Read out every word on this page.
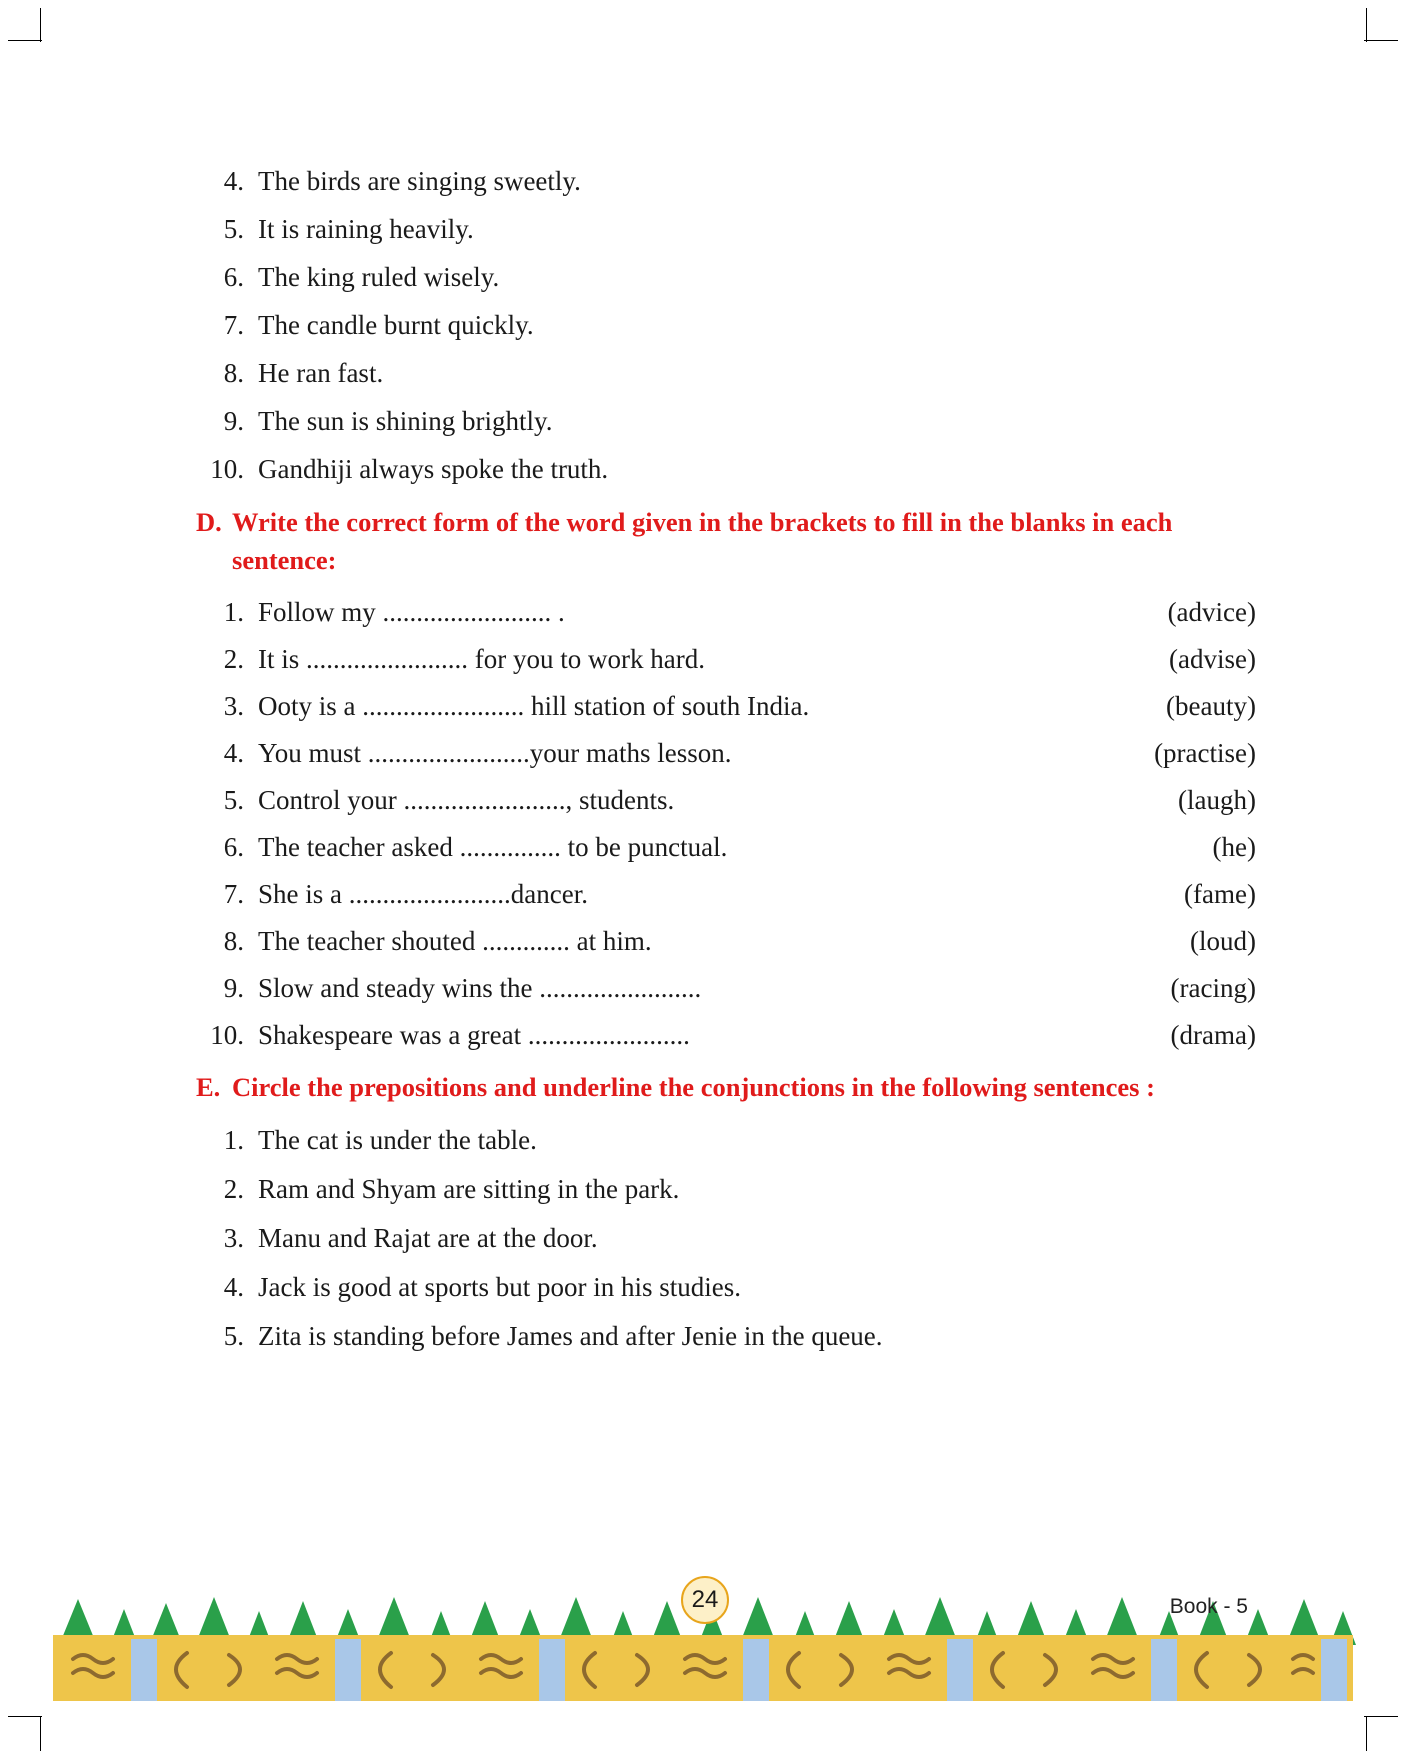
4. The birds are singing sweetly.
5. It is raining heavily.
6. The king ruled wisely.
7. The candle burnt quickly.
8. He ran fast.
9. The sun is shining brightly.
10. Gandhiji always spoke the truth.
D. Write the correct form of the word given in the brackets to fill in the blanks in each sentence:
1. Follow my ......................... .	(advice)
2. It is ........................ for you to work hard.	(advise)
3. Ooty is a ........................ hill station of south India.	(beauty)
4. You must ........................your maths lesson.	(practise)
5. Control your ........................, students.	(laugh)
6. The teacher asked ............... to be punctual.	(he)
7. She is a ........................dancer.	(fame)
8. The teacher shouted ............. at him.	(loud)
9. Slow and steady wins the ........................	(racing)
10. Shakespeare was a great ........................	(drama)
E. Circle the prepositions and underline the conjunctions in the following sentences :
1. The cat is under the table.
2. Ram and Shyam are sitting in the park.
3. Manu and Rajat are at the door.
4. Jack is good at sports but poor in his studies.
5. Zita is standing before James and after Jenie in the queue.
24	Book - 5
